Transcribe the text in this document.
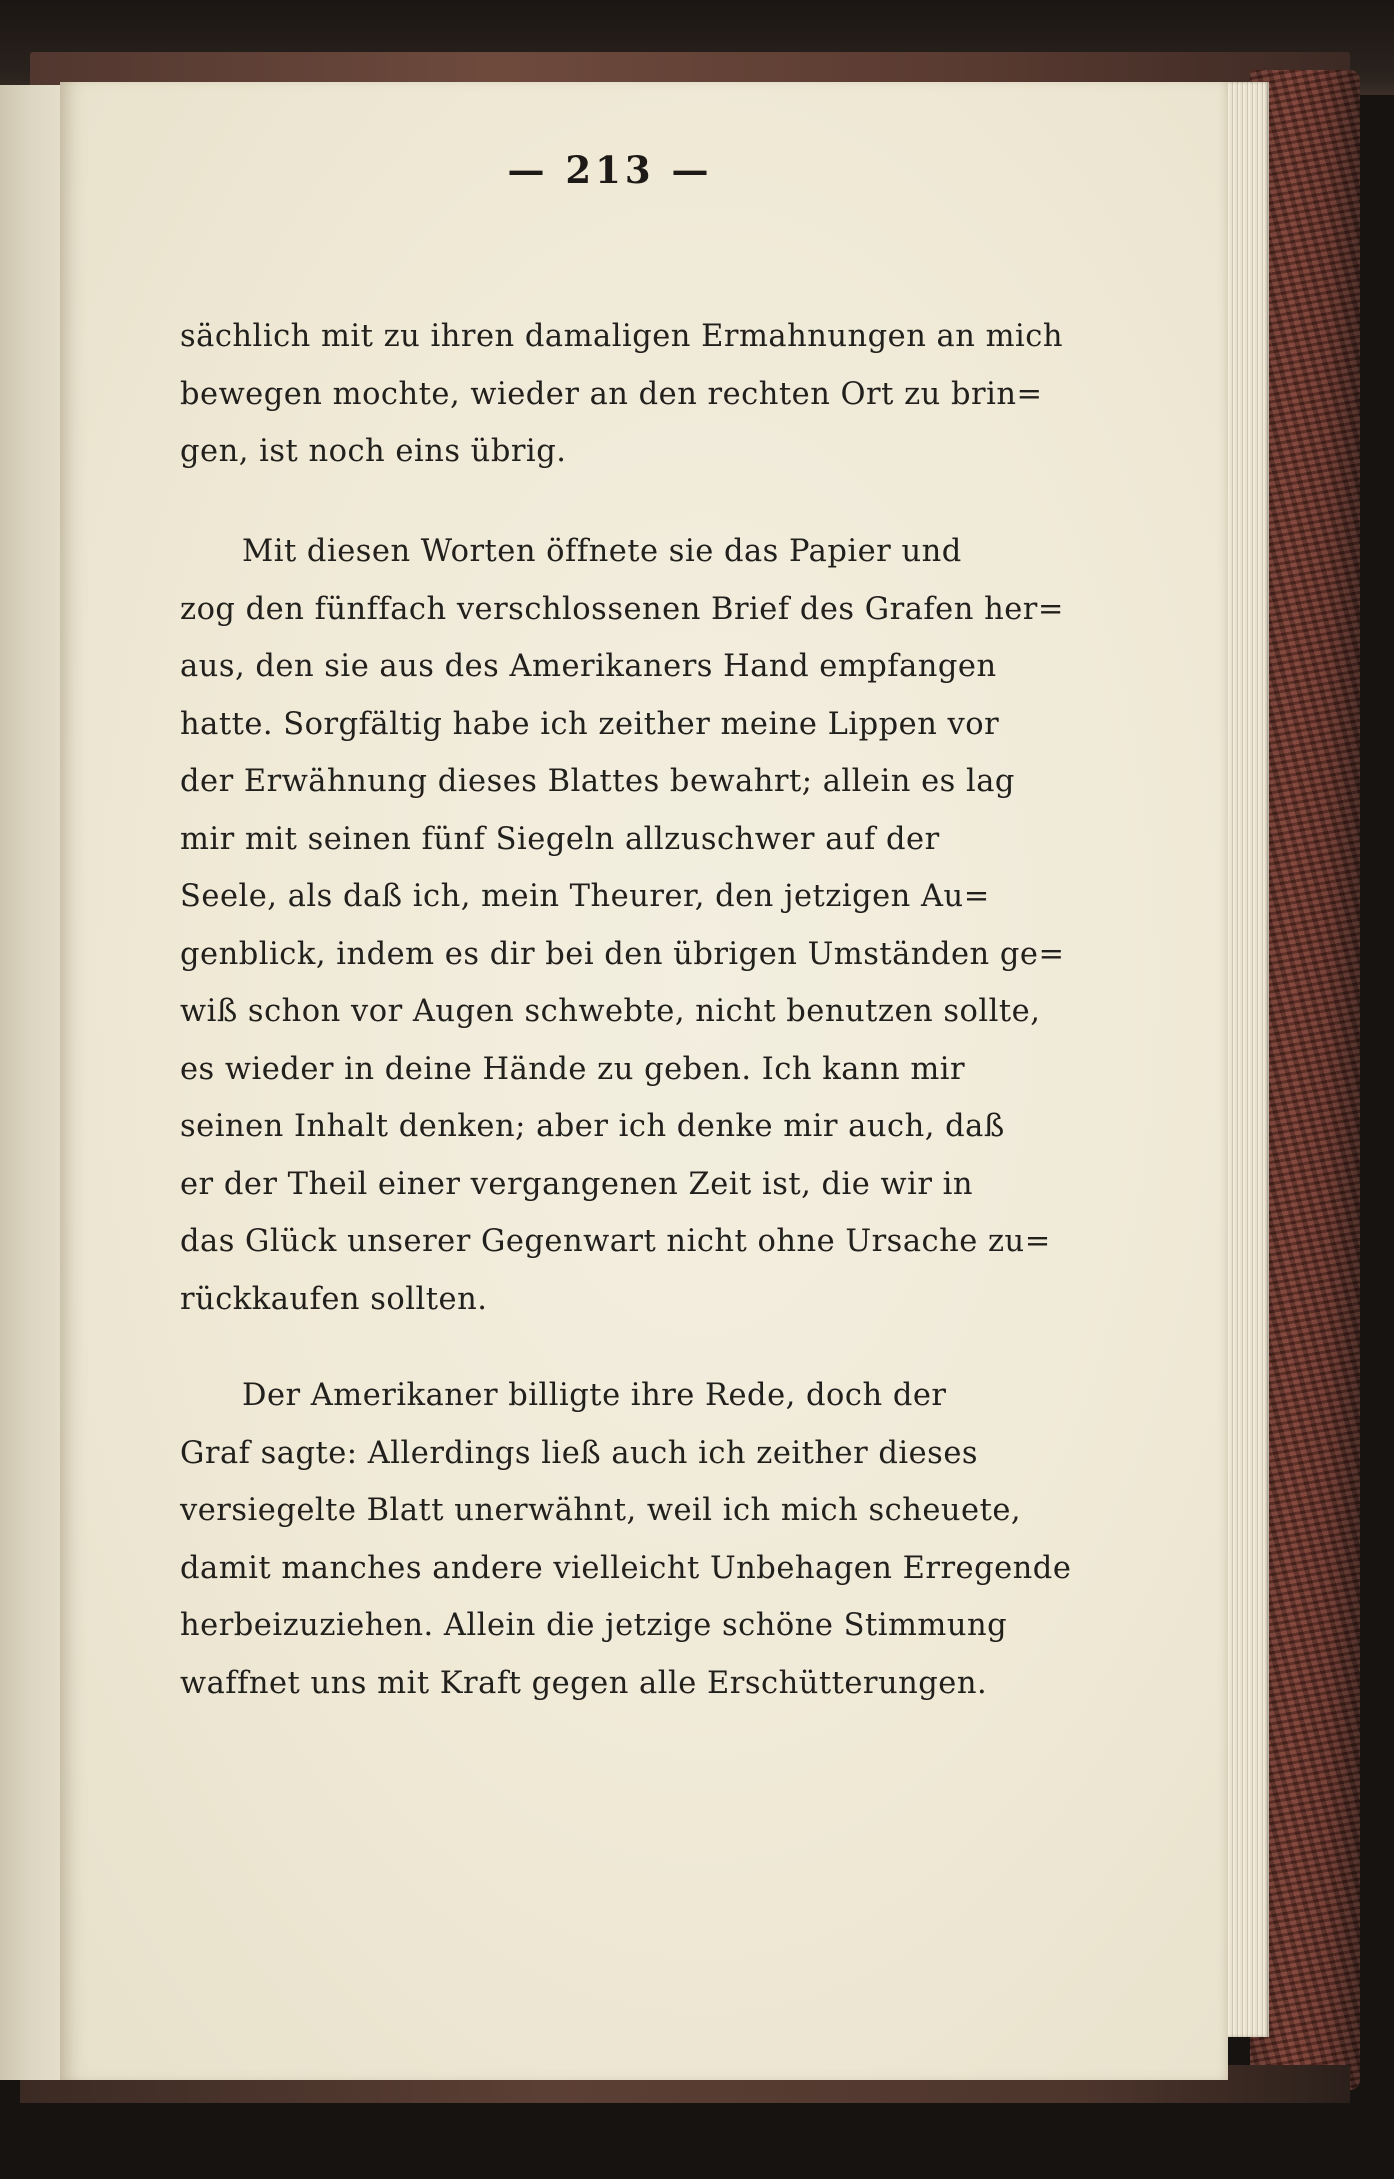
— 213 —
sächlich mit zu ihren damaligen Ermahnungen an mich
bewegen mochte, wieder an den rechten Ort zu brin=
gen, ist noch eins übrig.
Mit diesen Worten öffnete sie das Papier und
zog den fünffach verschlossenen Brief des Grafen her=
aus, den sie aus des Amerikaners Hand empfangen
hatte. Sorgfältig habe ich zeither meine Lippen vor
der Erwähnung dieses Blattes bewahrt; allein es lag
mir mit seinen fünf Siegeln allzuschwer auf der
Seele, als daß ich, mein Theurer, den jetzigen Au=
genblick, indem es dir bei den übrigen Umständen ge=
wiß schon vor Augen schwebte, nicht benutzen sollte,
es wieder in deine Hände zu geben. Ich kann mir
seinen Inhalt denken; aber ich denke mir auch, daß
er der Theil einer vergangenen Zeit ist, die wir in
das Glück unserer Gegenwart nicht ohne Ursache zu=
rückkaufen sollten.
Der Amerikaner billigte ihre Rede, doch der
Graf sagte: Allerdings ließ auch ich zeither dieses
versiegelte Blatt unerwähnt, weil ich mich scheuete,
damit manches andere vielleicht Unbehagen Erregende
herbeizuziehen. Allein die jetzige schöne Stimmung
waffnet uns mit Kraft gegen alle Erschütterungen.
